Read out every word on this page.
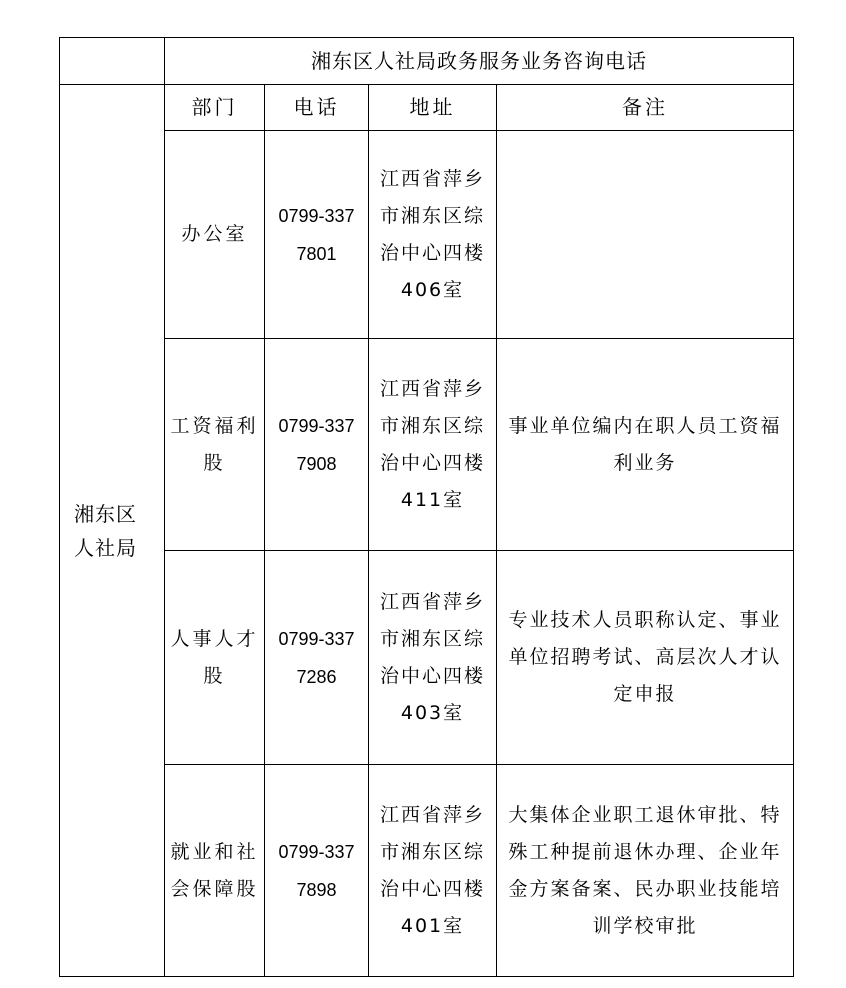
	湘东区人社局政务服务业务咨询电话			
湘东区人社局	部门	电话	地址	备注
	办公室	0799-3377801	江西省萍乡市湘东区综治中心四楼406室	
	工资福利股	0799-3377908	江西省萍乡市湘东区综治中心四楼411室	事业单位编内在职人员工资福利业务
	人事人才股	0799-3377286	江西省萍乡市湘东区综治中心四楼403室	专业技术人员职称认定、事业单位招聘考试、高层次人才认定申报
	就业和社会保障股	0799-3377898	江西省萍乡市湘东区综治中心四楼401室	大集体企业职工退休审批、特殊工种提前退休办理、企业年金方案备案、民办职业技能培训学校审批
